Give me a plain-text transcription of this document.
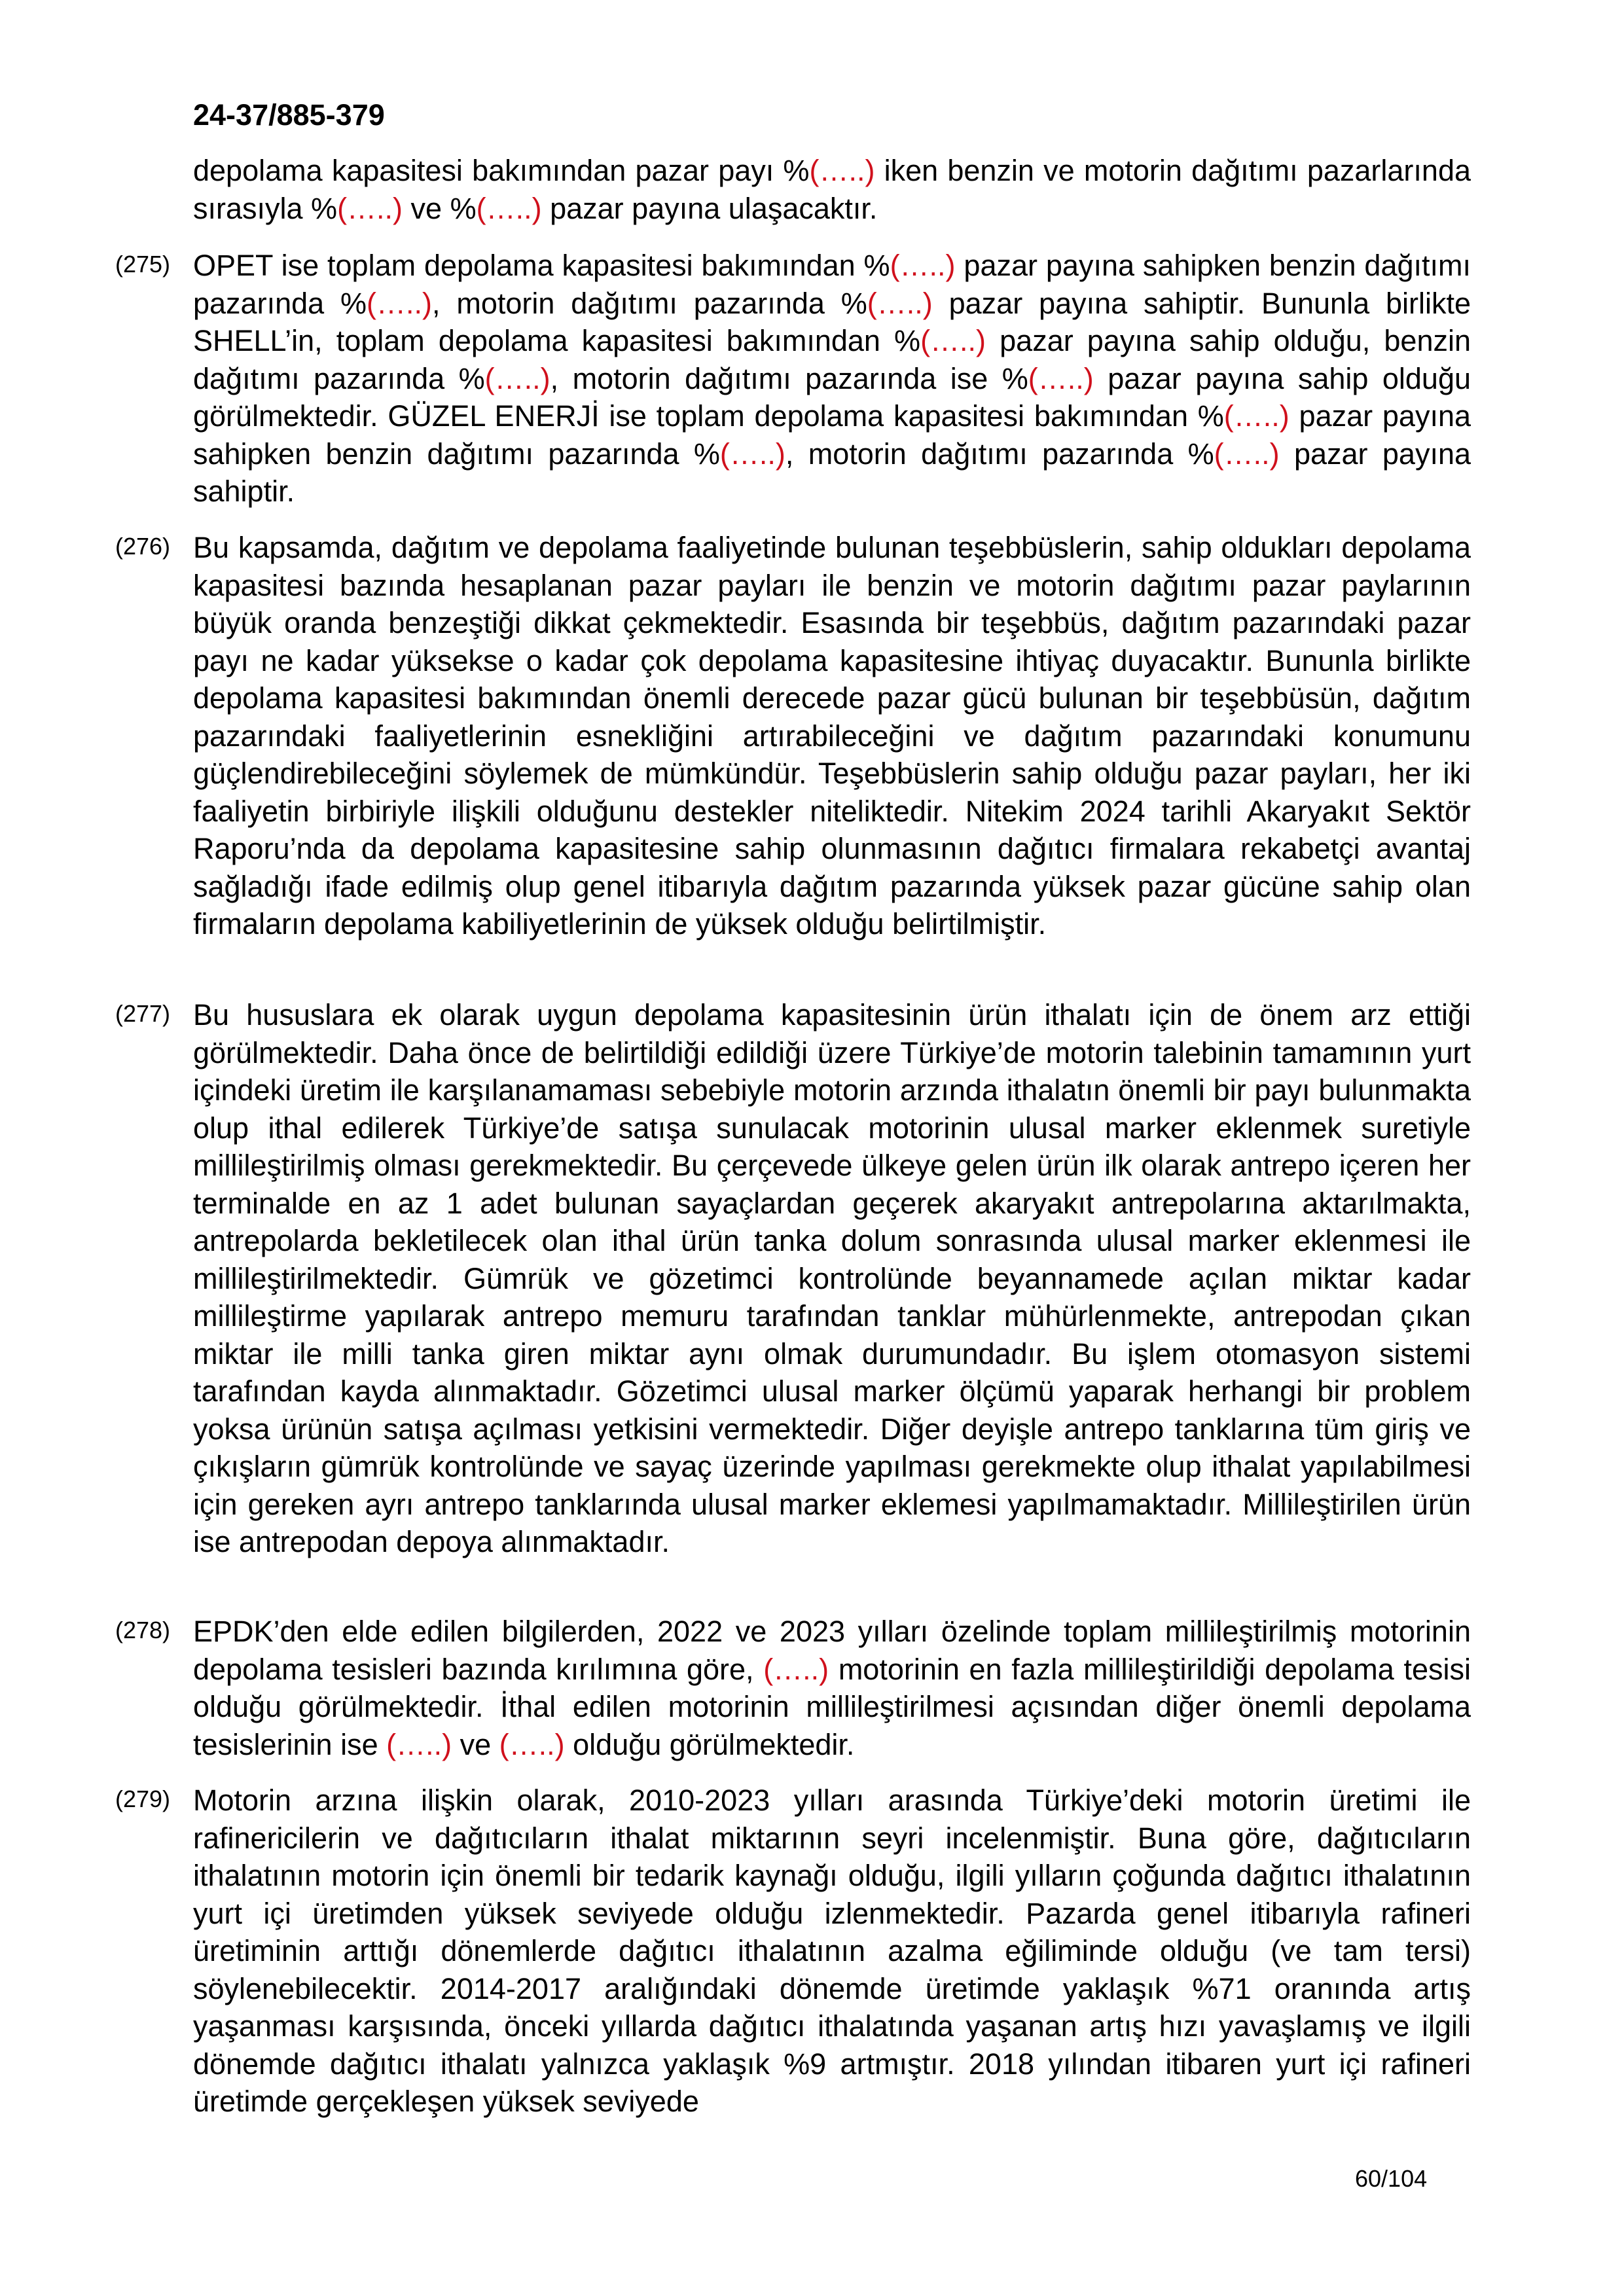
24-37/885-379

depolama kapasitesi bakımından pazar payı %(…..) iken benzin ve motorin dağıtımı pazarlarında sırasıyla %(…..) ve %(…..) pazar payına ulaşacaktır.

(275) OPET ise toplam depolama kapasitesi bakımından %(…..) pazar payına sahipken benzin dağıtımı pazarında %(…..), motorin dağıtımı pazarında %(…..) pazar payına sahiptir. Bununla birlikte SHELL’in, toplam depolama kapasitesi bakımından %(…..) pazar payına sahip olduğu, benzin dağıtımı pazarında %(…..), motorin dağıtımı pazarında ise %(…..) pazar payına sahip olduğu görülmektedir. GÜZEL ENERJİ ise toplam depolama kapasitesi bakımından %(…..) pazar payına sahipken benzin dağıtımı pazarında %(…..), motorin dağıtımı pazarında %(…..) pazar payına sahiptir.

(276) Bu kapsamda, dağıtım ve depolama faaliyetinde bulunan teşebbüslerin, sahip oldukları depolama kapasitesi bazında hesaplanan pazar payları ile benzin ve motorin dağıtımı pazar paylarının büyük oranda benzeştiği dikkat çekmektedir. Esasında bir teşebbüs, dağıtım pazarındaki pazar payı ne kadar yüksekse o kadar çok depolama kapasitesine ihtiyaç duyacaktır. Bununla birlikte depolama kapasitesi bakımından önemli derecede pazar gücü bulunan bir teşebbüsün, dağıtım pazarındaki faaliyetlerinin esnekliğini artırabileceğini ve dağıtım pazarındaki konumunu güçlendirebileceğini söylemek de mümkündür. Teşebbüslerin sahip olduğu pazar payları, her iki faaliyetin birbiriyle ilişkili olduğunu destekler niteliktedir. Nitekim 2024 tarihli Akaryakıt Sektör Raporu’nda da depolama kapasitesine sahip olunmasının dağıtıcı firmalara rekabetçi avantaj sağladığı ifade edilmiş olup genel itibarıyla dağıtım pazarında yüksek pazar gücüne sahip olan firmaların depolama kabiliyetlerinin de yüksek olduğu belirtilmiştir.

(277) Bu hususlara ek olarak uygun depolama kapasitesinin ürün ithalatı için de önem arz ettiği görülmektedir. Daha önce de belirtildiği edildiği üzere Türkiye’de motorin talebinin tamamının yurt içindeki üretim ile karşılanamaması sebebiyle motorin arzında ithalatın önemli bir payı bulunmakta olup ithal edilerek Türkiye’de satışa sunulacak motorinin ulusal marker eklenmek suretiyle millileştirilmiş olması gerekmektedir. Bu çerçevede ülkeye gelen ürün ilk olarak antrepo içeren her terminalde en az 1 adet bulunan sayaçlardan geçerek akaryakıt antrepolarına aktarılmakta, antrepolarda bekletilecek olan ithal ürün tanka dolum sonrasında ulusal marker eklenmesi ile millileştirilmektedir. Gümrük ve gözetimci kontrolünde beyannamede açılan miktar kadar millileştirme yapılarak antrepo memuru tarafından tanklar mühürlenmekte, antrepodan çıkan miktar ile milli tanka giren miktar aynı olmak durumundadır. Bu işlem otomasyon sistemi tarafından kayda alınmaktadır. Gözetimci ulusal marker ölçümü yaparak herhangi bir problem yoksa ürünün satışa açılması yetkisini vermektedir. Diğer deyişle antrepo tanklarına tüm giriş ve çıkışların gümrük kontrolünde ve sayaç üzerinde yapılması gerekmekte olup ithalat yapılabilmesi için gereken ayrı antrepo tanklarında ulusal marker eklemesi yapılmamaktadır. Millileştirilen ürün ise antrepodan depoya alınmaktadır.

(278) EPDK’den elde edilen bilgilerden, 2022 ve 2023 yılları özelinde toplam millileştirilmiş motorinin depolama tesisleri bazında kırılımına göre, (…..) motorinin en fazla millileştirildiği depolama tesisi olduğu görülmektedir. İthal edilen motorinin millileştirilmesi açısından diğer önemli depolama tesislerinin ise (…..) ve (…..) olduğu görülmektedir.

(279) Motorin arzına ilişkin olarak, 2010-2023 yılları arasında Türkiye’deki motorin üretimi ile rafinericilerin ve dağıtıcıların ithalat miktarının seyri incelenmiştir. Buna göre, dağıtıcıların ithalatının motorin için önemli bir tedarik kaynağı olduğu, ilgili yılların çoğunda dağıtıcı ithalatının yurt içi üretimden yüksek seviyede olduğu izlenmektedir. Pazarda genel itibarıyla rafineri üretiminin arttığı dönemlerde dağıtıcı ithalatının azalma eğiliminde olduğu (ve tam tersi) söylenebilecektir. 2014-2017 aralığındaki dönemde üretimde yaklaşık %71 oranında artış yaşanması karşısında, önceki yıllarda dağıtıcı ithalatında yaşanan artış hızı yavaşlamış ve ilgili dönemde dağıtıcı ithalatı yalnızca yaklaşık %9 artmıştır. 2018 yılından itibaren yurt içi rafineri üretimde gerçekleşen yüksek seviyede

60/104
